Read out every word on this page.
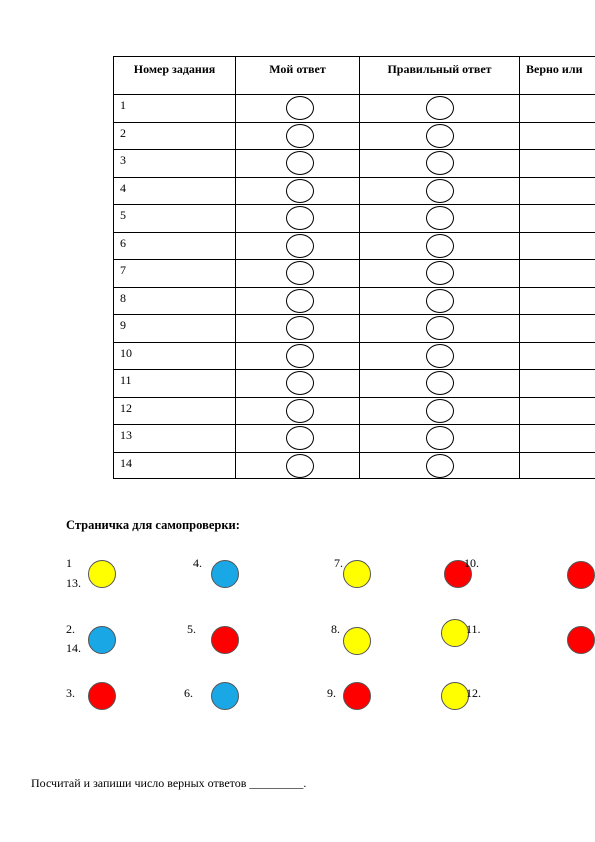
Номер задания	Мой ответ	Правильный ответ	Верно или
1
2
3
4
5
6
7
8
9
10
11
12
13
14
Страничка для самопроверки:
1
13.
4.	7.	10.
2.
14.
5.	8.	11.
3.	6.	9.	12.
Посчитай и запиши число верных ответов _________.
